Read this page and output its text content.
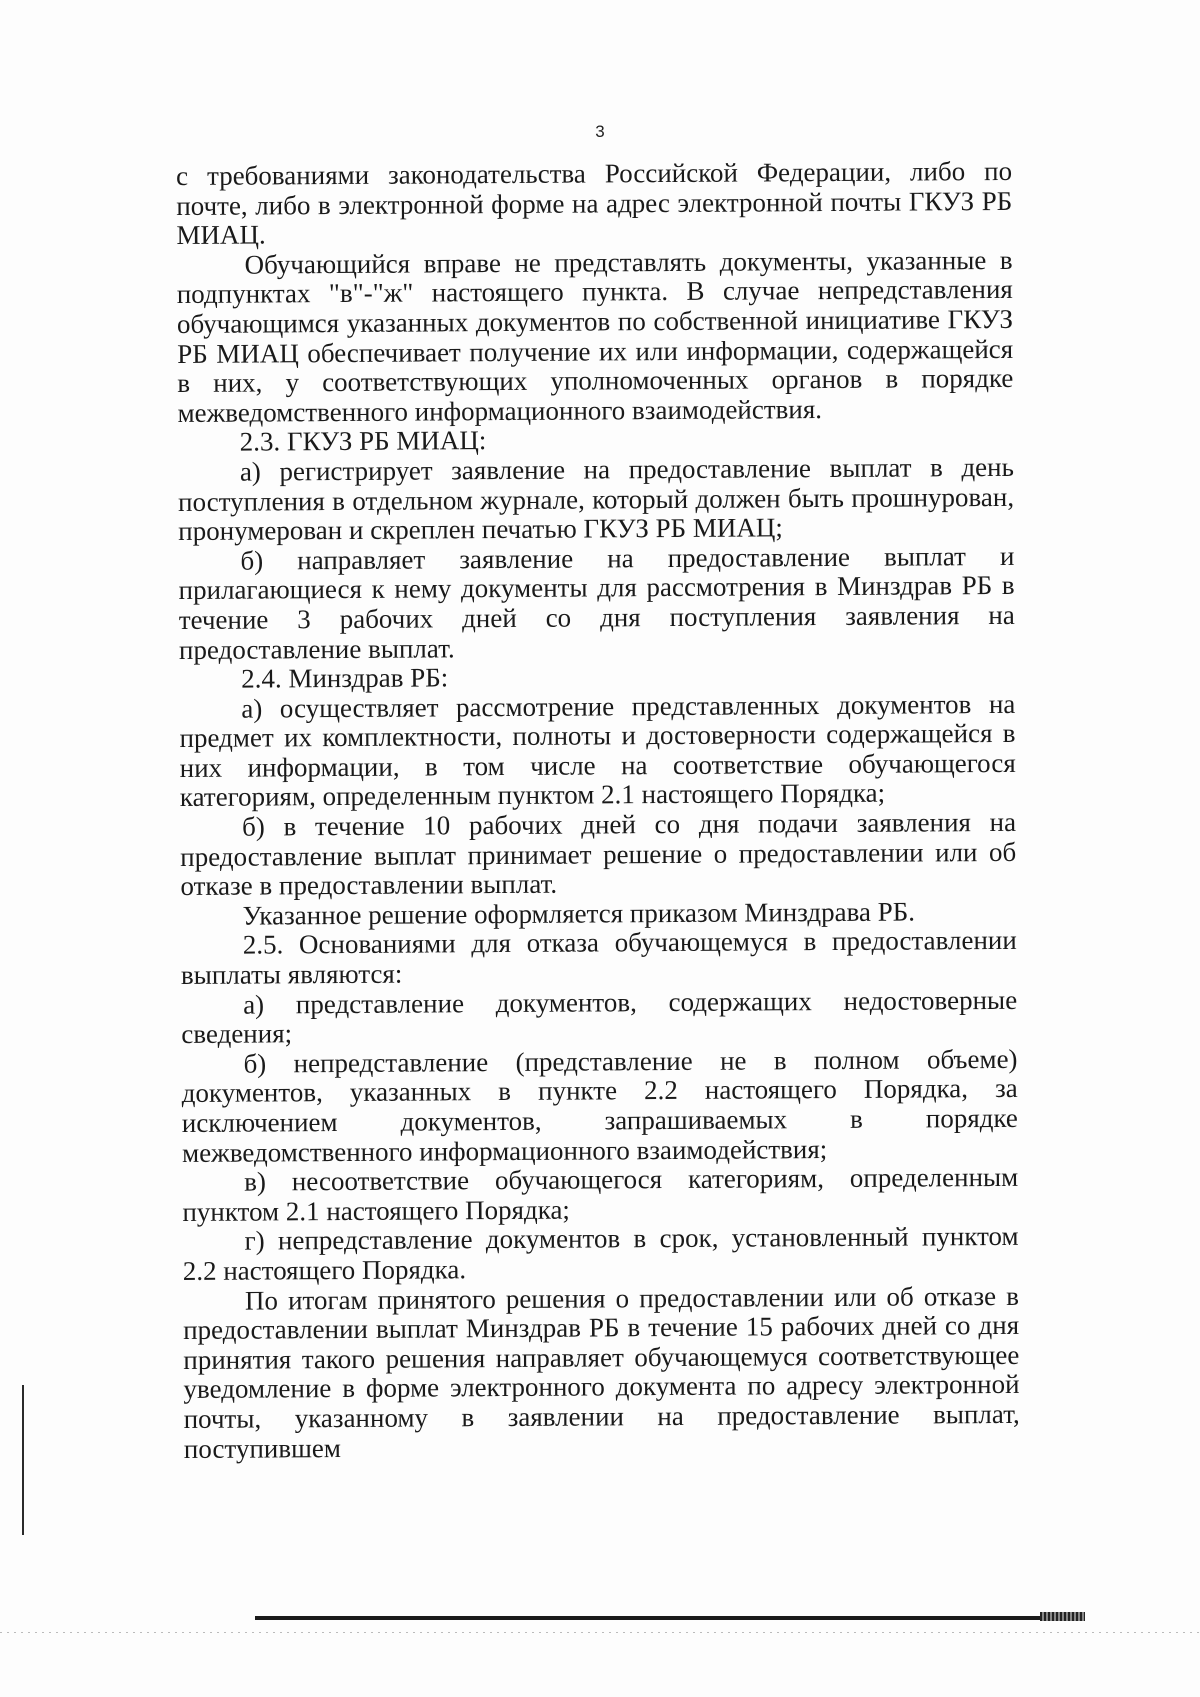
3

с требованиями законодательства Российской Федерации, либо по почте, либо в электронной форме на адрес электронной почты ГКУЗ РБ МИАЦ.

Обучающийся вправе не представлять документы, указанные в подпунктах "в"-"ж" настоящего пункта. В случае непредставления обучающимся указанных документов по собственной инициативе ГКУЗ РБ МИАЦ обеспечивает получение их или информации, содержащейся в них, у соответствующих уполномоченных органов в порядке межведомственного информационного взаимодействия.

2.3. ГКУЗ РБ МИАЦ:

а) регистрирует заявление на предоставление выплат в день поступления в отдельном журнале, который должен быть прошнурован, пронумерован и скреплен печатью ГКУЗ РБ МИАЦ;

б) направляет заявление на предоставление выплат и прилагающиеся к нему документы для рассмотрения в Минздрав РБ в течение 3 рабочих дней со дня поступления заявления на предоставление выплат.

2.4. Минздрав РБ:

а) осуществляет рассмотрение представленных документов на предмет их комплектности, полноты и достоверности содержащейся в них информации, в том числе на соответствие обучающегося категориям, определенным пунктом 2.1 настоящего Порядка;

б) в течение 10 рабочих дней со дня подачи заявления на предоставление выплат принимает решение о предоставлении или об отказе в предоставлении выплат.

Указанное решение оформляется приказом Минздрава РБ.

2.5. Основаниями для отказа обучающемуся в предоставлении выплаты являются:

а) представление документов, содержащих недостоверные сведения;

б) непредставление (представление не в полном объеме) документов, указанных в пункте 2.2 настоящего Порядка, за исключением документов, запрашиваемых в порядке межведомственного информационного взаимодействия;

в) несоответствие обучающегося категориям, определенным пунктом 2.1 настоящего Порядка;

г) непредставление документов в срок, установленный пунктом 2.2 настоящего Порядка.

По итогам принятого решения о предоставлении или об отказе в предоставлении выплат Минздрав РБ в течение 15 рабочих дней со дня принятия такого решения направляет обучающемуся соответствующее уведомление в форме электронного документа по адресу электронной почты, указанному в заявлении на предоставление выплат, поступившем
